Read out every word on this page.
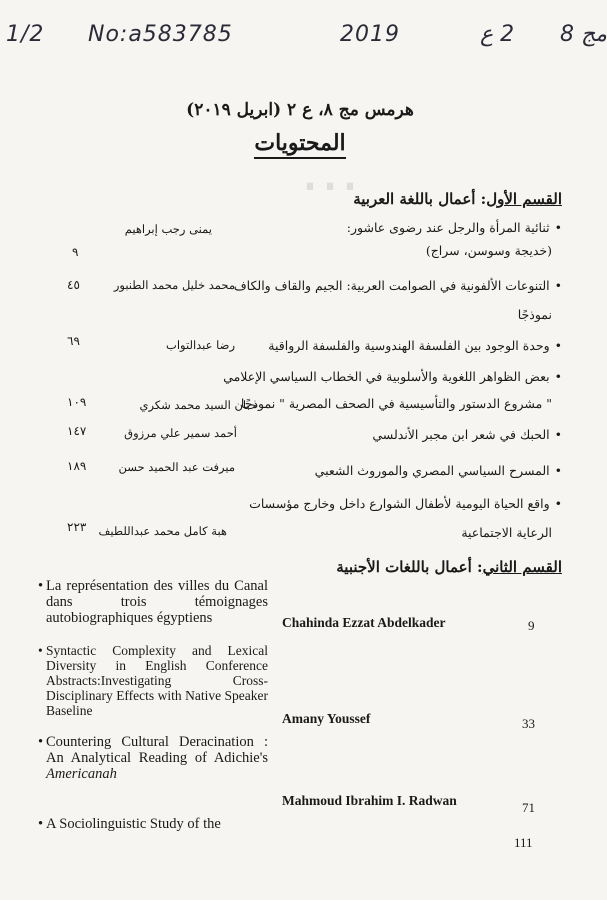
⋯
1/2 No:a583785	2019	2 ع مج 8
هرمس مج ٨، ع ٢ (ابريل ٢٠١٩)
المحتويات
القسم الأول: أعمال باللغة العربية
• ثنائية المرأة والرجل عند رضوى عاشور:
يمنى رجب إبراهيم
(خديجة وسوسن، سراج)
٩
• التنوعات الألفونية في الصوامت العربية: الجيم والقاف والكاف
محمد خليل محمد الطنبور
٤٥
نموذجًا
• وحدة الوجود بين الفلسفة الهندوسية والفلسفة الرواقية
رضا عبدالتواب
٦٩
• بعض الظواهر اللغوية والأسلوبية في الخطاب السياسي الإعلامي
" مشروع الدستور والتأسيسية في الصحف المصرية " نموذجًا
حنان السيد محمد شكري
١٠٩
• الحبك في شعر ابن مجبر الأندلسي
أحمد سمير علي مرزوق
١٤٧
• المسرح السياسي المصري والموروث الشعبي
ميرفت عبد الحميد حسن
١٨٩
• واقع الحياة اليومية لأطفال الشوارع داخل وخارج مؤسسات
الرعاية الاجتماعية
هبة كامل محمد عبداللطيف
٢٢٣
القسم الثاني: أعمال باللغات الأجنبية
• La représentation des villes du Canal dans trois témoignages autobiographiques égyptiens	Chahinda Ezzat Abdelkader	9
• Syntactic Complexity and Lexical Diversity in English Conference Abstracts:Investigating Cross-Disciplinary Effects with Native Speaker Baseline
Amany Youssef	33
• Countering Cultural Deracination : An Analytical Reading of Adichie's Americanah
Mahmoud Ibrahim I. Radwan	71
• A Sociolinguistic Study of the
111
